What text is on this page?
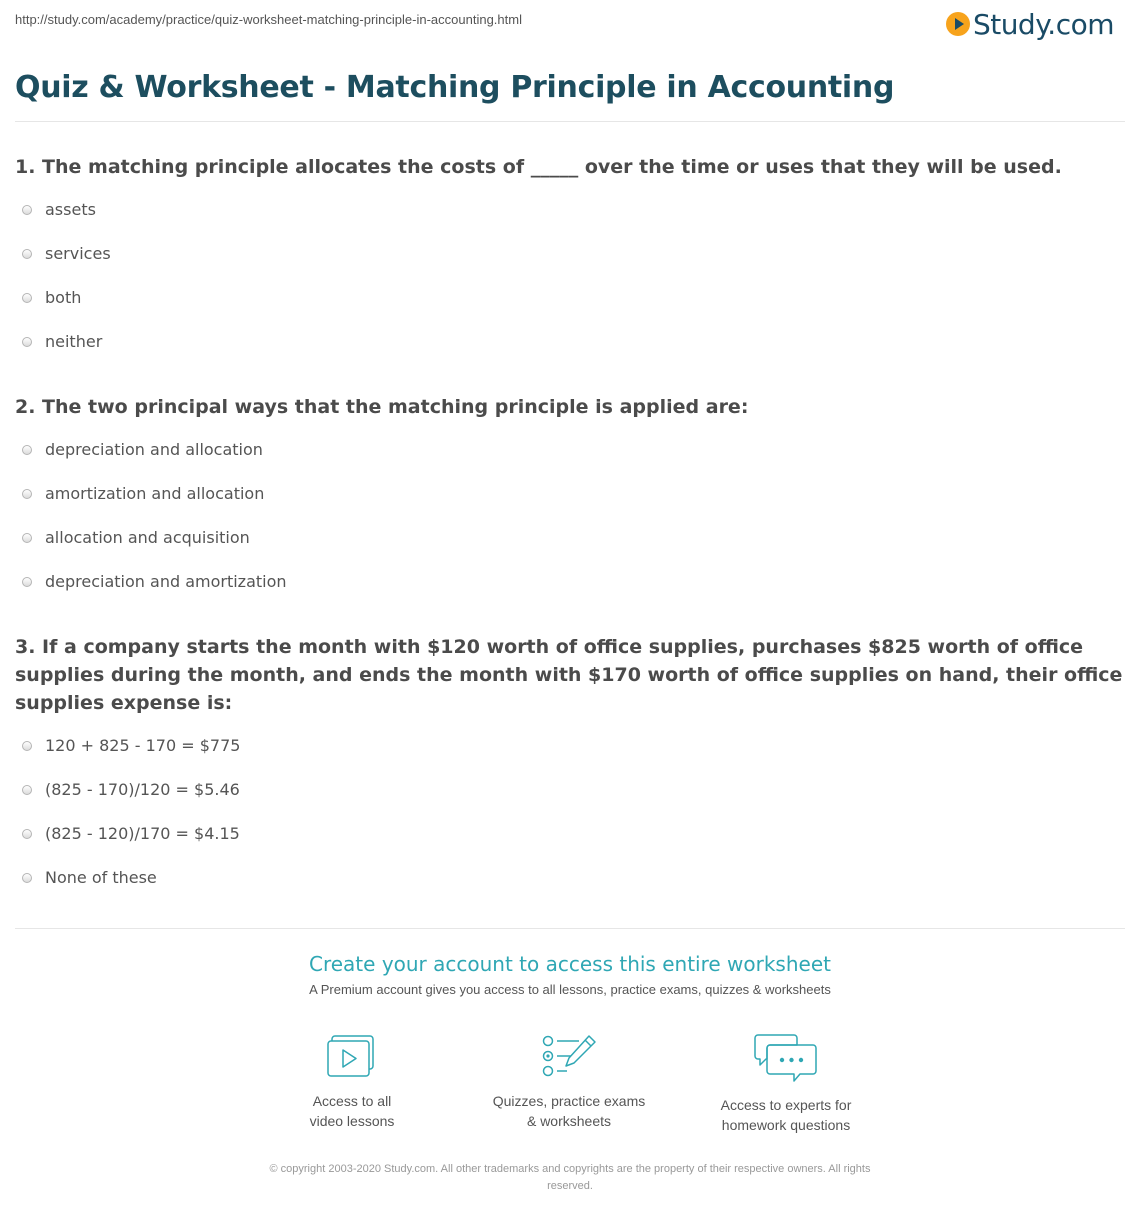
http://study.com/academy/practice/quiz-worksheet-matching-principle-in-accounting.html	Study.com
Quiz & Worksheet - Matching Principle in Accounting

1. The matching principle allocates the costs of _____ over the time or uses that they will be used.

assets
services
both
neither

2. The two principal ways that the matching principle is applied are:

depreciation and allocation
amortization and allocation
allocation and acquisition
depreciation and amortization

3. If a company starts the month with $120 worth of office supplies, purchases $825 worth of office supplies during the month, and ends the month with $170 worth of office supplies on hand, their office supplies expense is:

120 + 825 - 170 = $775
(825 - 170)/120 = $5.46
(825 - 120)/170 = $4.15
None of these
Create your account to access this entire worksheet
A Premium account gives you access to all lessons, practice exams, quizzes & worksheets
Access to all
video lessons
Quizzes, practice exams
& worksheets
Access to experts for
homework questions
© copyright 2003-2020 Study.com. All other trademarks and copyrights are the property of their respective owners. All rights
reserved.
